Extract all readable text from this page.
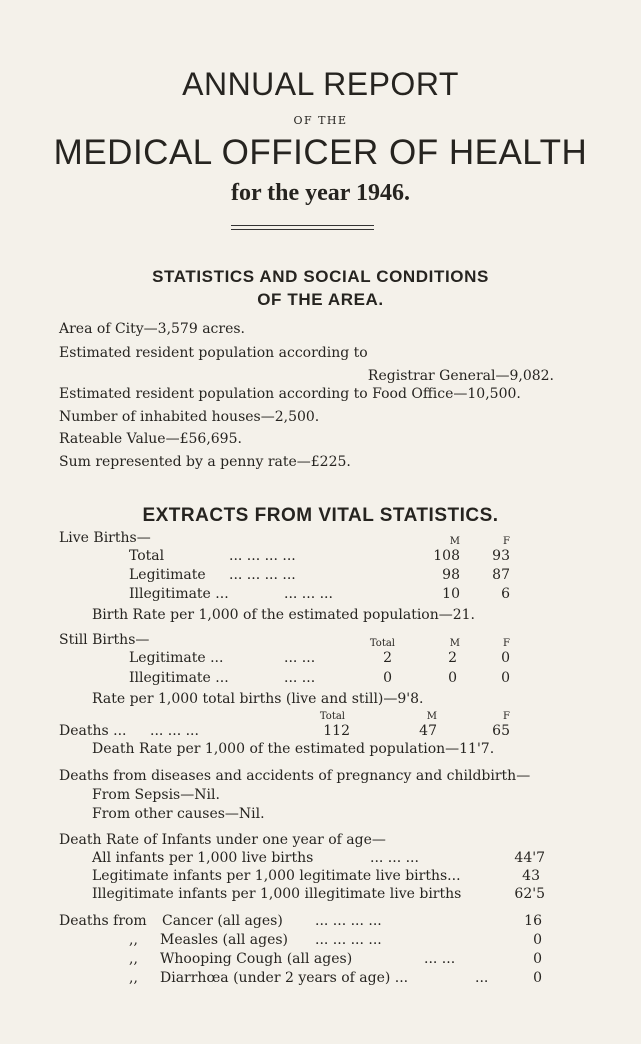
ANNUAL REPORT
OF THE
MEDICAL OFFICER OF HEALTH
for the year 1946.
STATISTICS AND SOCIAL CONDITIONS
OF THE AREA.
Area of City—3,579 acres.
Estimated resident population according to
Registrar General—9,082.
Estimated resident population according to Food Office—10,500.
Number of inhabited houses—2,500.
Rateable Value—£56,695.
Sum represented by a penny rate—£225.
EXTRACTS FROM VITAL STATISTICS.
Live Births—	M	F
Total	... ... ... ...	108	93
Legitimate ... ... ... ...	98	87
Illegitimate ...	... ... ...	10	6
Birth Rate per 1,000 of the estimated population—21.
Still Births—	Total	M	F
Legitimate ...	... ...	2	2	0
Illegitimate ...	... ...	0	0	0
Rate per 1,000 total births (live and still)—9'8.
Total	M	F
Deaths ... ... ... ...	112	47	65
Death Rate per 1,000 of the estimated population—11'7.
Deaths from diseases and accidents of pregnancy and childbirth—
From Sepsis—Nil.
From other causes—Nil.
Death Rate of Infants under one year of age—
All infants per 1,000 live births	... ... ...	44'7
Legitimate infants per 1,000 legitimate live births...	43
Illegitimate infants per 1,000 illegitimate live births	62'5
Deaths from Cancer (all ages) ... ... ... ...	16
,, Measles (all ages) ... ... ... ...	0
,, Whooping Cough (all ages)	... ...	0
,, Diarrhœa (under 2 years of age) ...	...	0
